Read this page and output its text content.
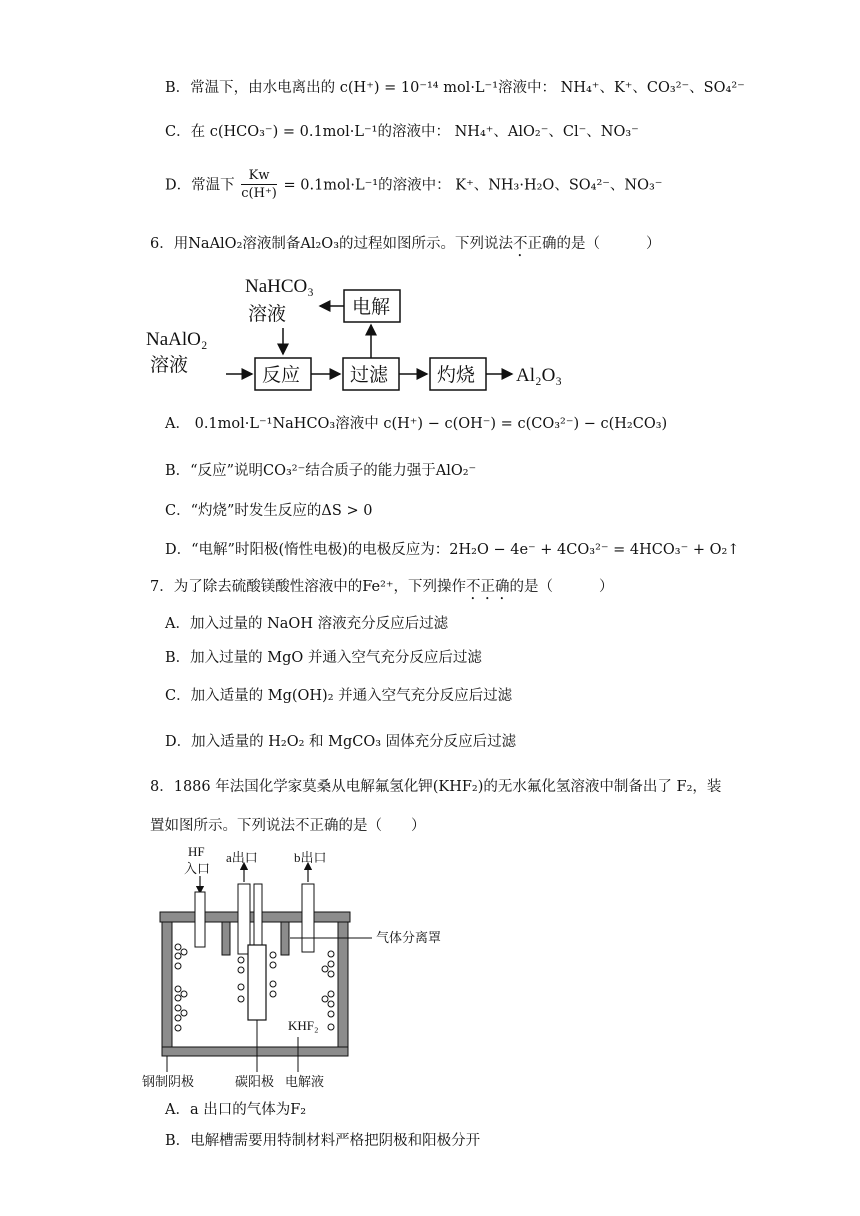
B．常温下，由水电离出的 c(H⁺) = 10⁻¹⁴ mol·L⁻¹溶液中： NH₄⁺、K⁺、CO₃²⁻、SO₄²⁻
C．在 c(HCO₃⁻) = 0.1mol·L⁻¹的溶液中： NH₄⁺、AlO₂⁻、Cl⁻、NO₃⁻
D．常温下 $\frac{Kw}{c(H^+)} = 0.1mol\cdot L^{-1}$的溶液中： K⁺、NH₃·H₂O、SO₄²⁻、NO₃⁻
6．用NaAlO₂溶液制备Al₂O₃的过程如图所示。下列说法不正确的是（	）
NaHCO₃
溶液	电解
NaAlO₂
溶液	反应	过滤	灼烧 Al₂O₃
A． 0.1mol·L⁻¹NaHCO₃溶液中 c(H⁺) − c(OH⁻) = c(CO₃²⁻) − c(H₂CO₃)
B．“反应”说明CO₃²⁻结合质子的能力强于AlO₂⁻
C．“灼烧”时发生反应的ΔS > 0
D．“电解”时阳极(惰性电极)的电极反应为：2H₂O − 4e⁻ + 4CO₃²⁻ = 4HCO₃⁻ + O₂↑
7．为了除去硫酸镁酸性溶液中的Fe²⁺，下列操作不正确的是（	）
A．加入过量的 NaOH 溶液充分反应后过滤
B．加入过量的 MgO 并通入空气充分反应后过滤
C．加入适量的 Mg(OH)₂ 并通入空气充分反应后过滤
D．加入适量的 H₂O₂ 和 MgCO₃ 固体充分反应后过滤
8．1886 年法国化学家莫桑从电解氟氢化钾(KHF₂)的无水氟化氢溶液中制备出了 F₂，装
置如图所示。下列说法不正确的是（　　）
HF
入口
a出口	b出口
气体分离罩
KHF₂
钢制阴极	碳阳极 电解液
A．a 出口的气体为F₂
B．电解槽需要用特制材料严格把阴极和阳极分开
